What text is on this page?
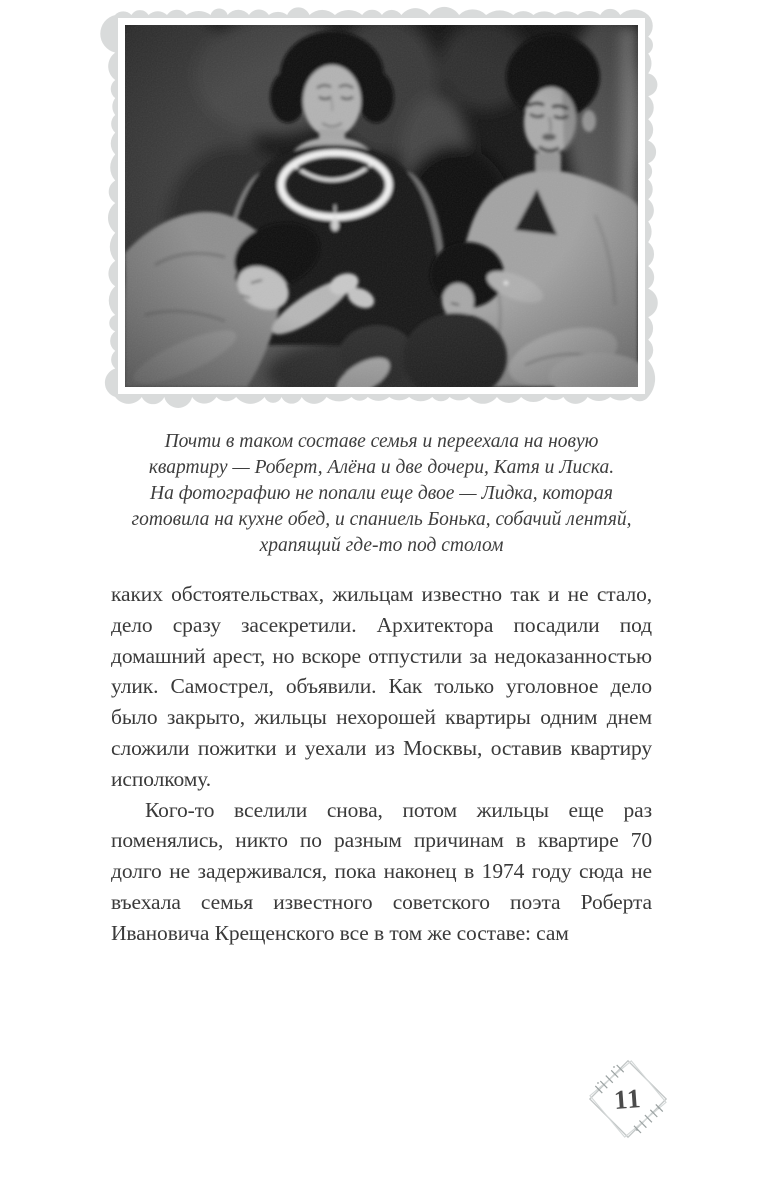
Почти в таком составе семья и переехала на новую
квартиру — Роберт, Алёна и две дочери, Катя и Лиска.
На фотографию не попали еще двое — Лидка, которая
готовила на кухне обед, и спаниель Бонька, собачий лентяй,
храпящий где-то под столом

каких обстоятельствах, жильцам известно так и не стало, дело сразу засекретили. Архитектора посадили под домашний арест, но вскоре отпустили за недоказанностью улик. Самострел, объявили. Как только уголовное дело было закрыто, жильцы нехорошей квартиры одним днем сложили пожитки и уехали из Москвы, оставив квартиру исполкому.

Кого-то вселили снова, потом жильцы еще раз поменялись, никто по разным причинам в квартире 70 долго не задерживался, пока наконец в 1974 году сюда не въехала семья известного советского поэта Роберта Ивановича Крещенского все в том же составе: сам

11
